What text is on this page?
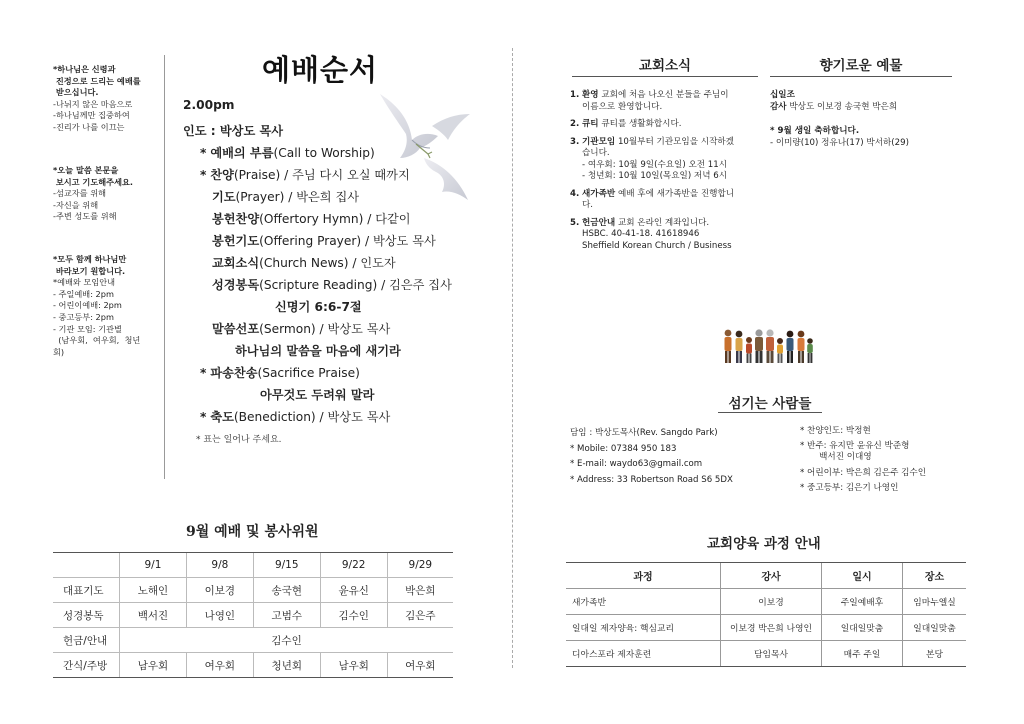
*하나님은 신령과
진정으로 드리는 예배를
받으십니다.
-나뉘지 않은 마음으로
-하나님께만 집중하여
-진리가 나를 이끄는
*오늘 말씀 본문을
보시고 기도해주세요.
-섬교자를 위해
-자신을 위해
-주변 성도를 위해
*모두 함께 하나님만
바라보기 원합니다.
*예배와 모임안내
- 주일예배: 2pm
- 어린이예배: 2pm
- 중고등부: 2pm
- 기관 모임: 기관별
(남우회,  여우회,  청년
회)
예배순서
2.00pm
인도 : 박상도 목사
* 예배의 부름(Call to Worship)
* 찬양(Praise) / 주님 다시 오실 때까지
기도(Prayer) / 박은희 집사
봉헌찬양(Offertory Hymn) / 다같이
봉헌기도(Offering Prayer) / 박상도 목사
교회소식(Church News) / 인도자
성경봉독(Scripture Reading) / 김은주 집사
신명기 6:6-7절
말씀선포(Sermon) / 박상도 목사
하나님의 말씀을 마음에 새기라
* 파송찬송(Sacrifice Praise)
아무것도 두려워 말라
* 축도(Benediction) / 박상도 목사
* 표는 일어나 주세요.
9월 예배 및 봉사위원
	9/1	9/8	9/15	9/22	9/29
대표기도	노해인	이보경	송국현	윤유신	박은희
성경봉독	백서진	나영인	고범수	김수인	김은주
헌금/안내	김수인				
간식/주방	남우회	여우회	청년회	남우회	여우회
교회소식
1. 환영 교회에 처음 나오신 분들을 주님이
이름으로 환영합니다.
2. 큐티 큐티를 생활화합시다.
3. 기관모임 10월부터 기관모임을 시작하겠
습니다.
- 여우회: 10월 9일(수요일) 오전 11시
- 청년회: 10월 10일(목요일) 저녁 6시
4. 새가족반 예배 후에 새가족반을 진행합니
다.
5. 헌금안내 교회 온라인 계좌입니다.
HSBC. 40-41-18. 41618946
Sheffield Korean Church / Business
향기로운 예물
십일조
감사 박상도 이보경 송국현 박은희
* 9월 생일 축하합니다.
- 이미량(10) 정유나(17) 박서하(29)
섬기는 사람들
담임 : 박상도목사(Rev. Sangdo Park)
* Mobile: 07384 950 183
* E-mail: waydo63@gmail.com
* Address: 33 Robertson Road S6 5DX
* 찬양인도: 박정현
* 반주: 유지만 윤유신 박준형
백서진 이대영
* 어린이부: 박은희 김은주 김수인
* 중고등부: 김은기 나영인
교회양육 과정 안내
과정	강사	일시	장소
새가족반	이보경	주일예배후	임마누엘실
일대일 제자양육: 핵심교리	이보경 박은희 나영인	일대일맞춤	일대일맞춤
디아스포라 제자훈련	담임목사	매주 주일	본당
